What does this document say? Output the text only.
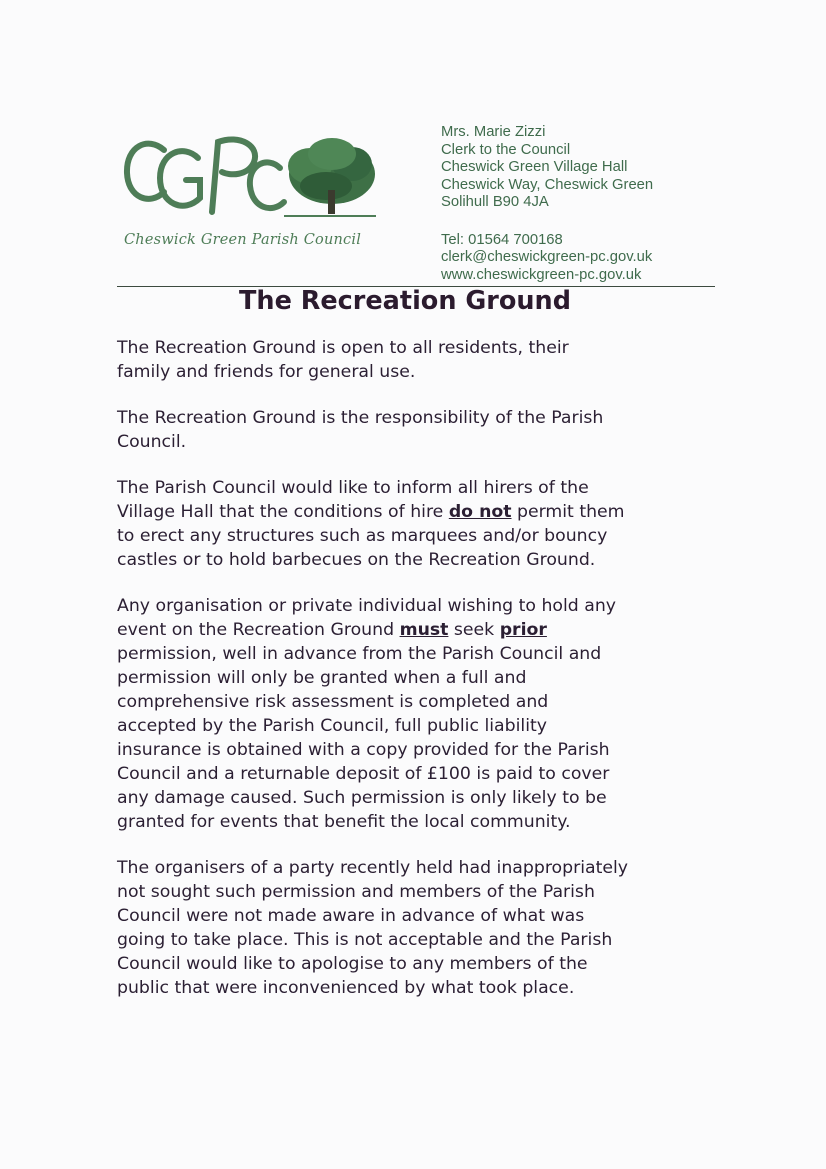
Cheswick Green Parish Council
Mrs. Marie Zizzi
Clerk to the Council
Cheswick Green Village Hall
Cheswick Way, Cheswick Green
Solihull B90 4JA
Tel: 01564 700168
clerk@cheswickgreen-pc.gov.uk
www.cheswickgreen-pc.gov.uk
The Recreation Ground

The Recreation Ground is open to all residents, their
family and friends for general use.

The Recreation Ground is the responsibility of the Parish
Council.

The Parish Council would like to inform all hirers of the
Village Hall that the conditions of hire do not permit them
to erect any structures such as marquees and/or bouncy
castles or to hold barbecues on the Recreation Ground.

Any organisation or private individual wishing to hold any
event on the Recreation Ground must seek prior
permission, well in advance from the Parish Council and
permission will only be granted when a full and
comprehensive risk assessment is completed and
accepted by the Parish Council, full public liability
insurance is obtained with a copy provided for the Parish
Council and a returnable deposit of £100 is paid to cover
any damage caused. Such permission is only likely to be
granted for events that benefit the local community.

The organisers of a party recently held had inappropriately
not sought such permission and members of the Parish
Council were not made aware in advance of what was
going to take place. This is not acceptable and the Parish
Council would like to apologise to any members of the
public that were inconvenienced by what took place.
